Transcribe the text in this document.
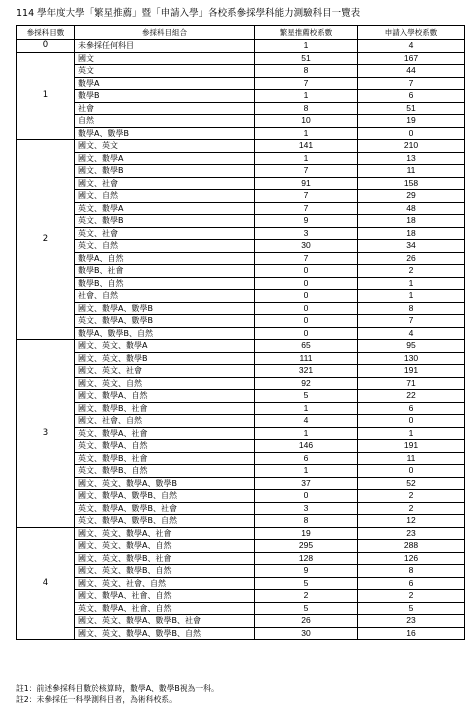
114 學年度大學「繁星推薦」暨「申請入學」各校系參採學科能力測驗科目一覽表
參採科目數	參採科目組合	繁星推薦校系數	申請入學校系數
0	未參採任何科目	1	4
1	國文	51	167
	英文	8	44
	數學A	7	7
	數學B	1	6
	社會	8	51
	自然	10	19
	數學A、數學B	1	0
2	國文、英文	141	210
	國文、數學A	1	13
	國文、數學B	7	11
	國文、社會	91	158
	國文、自然	7	29
	英文、數學A	7	48
	英文、數學B	9	18
	英文、社會	3	18
	英文、自然	30	34
	數學A、自然	7	26
	數學B、社會	0	2
	數學B、自然	0	1
	社會、自然	0	1
	國文、數學A、數學B	0	8
	英文、數學A、數學B	0	7
	數學A、數學B、自然	0	4
3	國文、英文、數學A	65	95
	國文、英文、數學B	111	130
	國文、英文、社會	321	191
	國文、英文、自然	92	71
	國文、數學A、自然	5	22
	國文、數學B、社會	1	6
	國文、社會、自然	4	0
	英文、數學A、社會	1	1
	英文、數學A、自然	146	191
	英文、數學B、社會	6	11
	英文、數學B、自然	1	0
	國文、英文、數學A、數學B	37	52
	國文、數學A、數學B、自然	0	2
	英文、數學A、數學B、社會	3	2
	英文、數學A、數學B、自然	8	12
4	國文、英文、數學A、社會	19	23
	國文、英文、數學A、自然	295	288
	國文、英文、數學B、社會	128	126
	國文、英文、數學B、自然	9	8
	國文、英文、社會、自然	5	6
	國文、數學A、社會、自然	2	2
	英文、數學A、社會、自然	5	5
	國文、英文、數學A、數學B、社會	26	23
	國文、英文、數學A、數學B、自然	30	16
註1：前述參採科目數於核算時，數學A、數學B視為一科。
註2：未參採任一科學測科目者，為術科校系。
